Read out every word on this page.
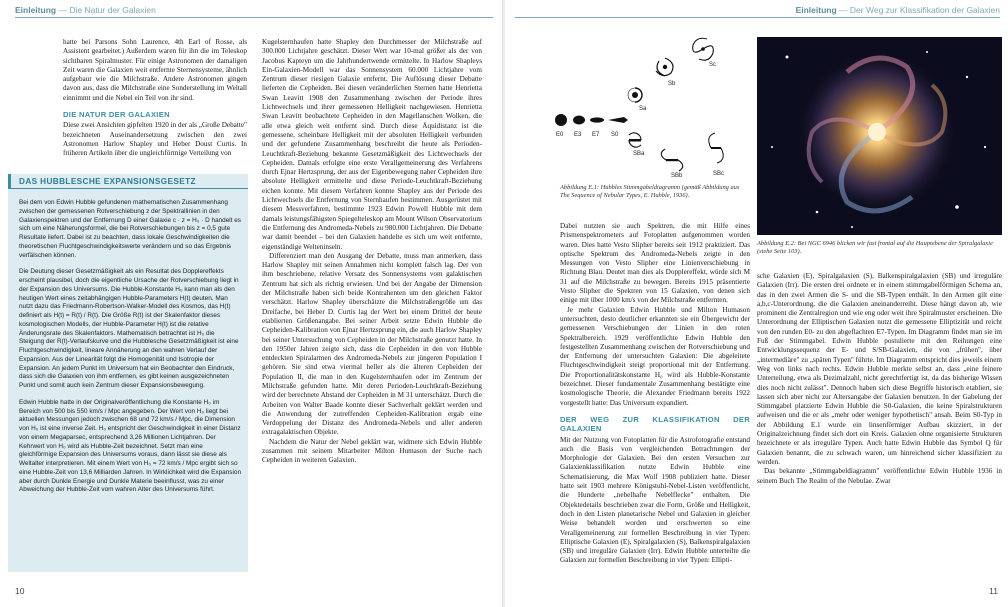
Einleitung — Die Natur der Galaxien

hatte bei Parsons Sohn Laurence, 4th Earl of Rosse, als Assistent gearbeitet.) Außerdem waren für ihn die im Teleskop sichtbaren Spiralmuster. Für einige Astronomen der damaligen Zeit waren die Galaxien weit entfernte Sternensysteme, ähnlich aufgebaut wie die Milchstraße. Andere Astronomen gingen davon aus, dass die Milchstraße eine Sonderstellung im Weltall einnimmt und die Nebel ein Teil von ihr sind.

DIE NATUR DER GALAXIEN

Diese zwei Ansichten gipfelten 1920 in der als „Große Debatte" bezeichneten Auseinandersetzung zwischen den zwei Astronomen Harlow Shapley und Heber Doust Curtis. In früheren Artikeln über die ungleichförmige Verteilung von

DAS HUBBLESCHE EXPANSIONSGESETZ

Bei dem von Edwin Hubble gefundenen mathematischen Zusammenhang zwischen der gemessenen Rotverschiebung z der Spektrallinien in den Galaxienspektren und der Entfernung D einer Galaxie c · z = H₀ · D handelt es sich um eine Näherungsformel, die bei Rotverschiebungen bis z = 0,5 gute Resultate liefert. Dabei ist zu beachten, dass lokale Geschwindigkeiten die theoretischen Fluchtgeschwindigkeitswerte verändern und so das Ergebnis verfälschen können.

Die Deutung dieser Gesetzmäßigkeit als ein Resultat des Dopplereffekts erscheint plausibel, doch die eigentliche Ursache der Rotverschiebung liegt in der Expansion des Universums. Die Hubble-Konstante H₀ kann man als den heutigen Wert eines zeitabhängigen Hubble-Parameters H(t) deuten. Man nutzt dazu das Friedmann-Robertson-Walker-Modell des Kosmos, das H(t) definiert als H(t) = R(t) / R(t). Die Größe R(t) ist der Skalenfaktor dieses kosmologischen Modells, der Hubble-Parameter H(t) ist die relative Änderungsrate des Skalenfaktors. Mathematisch betrachtet ist H₀ die Steigung der R(t)-Verlaufskurve und die Hubblesche Gesetzmäßigkeit ist eine Fluchtgeschwindigkeit, lineare Annäherung an den wahren Verlauf der Expansion. Aus der Linearität folgt die Homogenität und Isotropie der Expansion. An jedem Punkt im Universum hat ein Beobachter den Eindruck, dass sich die Galaxien von ihm entfernen, es gibt keinen ausgezeichneten Punkt und somit auch kein Zentrum dieser Expansionsbewegung.

Edwin Hubble hatte in der Originalveröffentlichung die Konstante H₀ im Bereich von 500 bis 550 km/s / Mpc angegeben. Der Wert von H₀ liegt bei aktuellen Messungen jedoch zwischen 68 und 72 km/s / Mpc, die Dimension von H₀ ist eine inverse Zeit. H₀ entspricht der Geschwindigkeit in einer Distanz von einem Megaparsec, entsprechend 3,26 Millionen Lichtjahren. Der Kehrwert von H₀ wird als Hubble-Zeit bezeichnet. Setzt man eine gleichförmige Expansion des Universums voraus, dann lässt sie diese als Weltalter interpretieren. Mit einem Wert von H₀ = 72 km/s / Mpc ergibt sich so eine Hubble-Zeit von 13,6 Milliarden Jahren. In Wirklichkeit wird die Expansion aber durch Dunkle Energie und Dunkle Materie beeinflusst, was zu einer Abweichung der Hubble-Zeit vom wahren Alter des Universums führt.

Kugelsternhaufen hatte Shapley den Durchmesser der Milchstraße auf 300.000 Lichtjahre geschätzt. Dieser Wert war 10-mal größer als der von Jacobus Kapteyn um die Jahrhundertwende ermittelte. In Harlow Shapleys Ein-Galaxien-Modell war das Sonnensystem 60.000 Lichtjahre vom Zentrum dieser riesigen Galaxie entfernt. Die Auflösung dieser Debatte lieferten die Cepheiden. Bei diesen veränderlichen Sternen hatte Henrietta Swan Leavitt 1908 den Zusammenhang zwischen der Periode ihres Lichtwechsels und ihrer gemessenen Helligkeit nachgewiesen. Henrietta Swan Leavitt beobachtete Cepheiden in den Magellanschen Wolken, die alle etwa gleich weit entfernt sind. Durch diese Äquidistanz ist die gemessene, scheinbare Helligkeit mit der absoluten Helligkeit verbunden und der gefundene Zusammenhang beschreibt die heute als Perioden-Leuchtkraft-Beziehung bekannte Gesetzmäßigkeit des Lichtwechsels der Cepheiden. Damals erfolgte eine erste Verallgemeinerung des Verfahrens durch Ejnar Hertzsprung, der aus der Eigenbewegung naher Cepheiden ihre absolute Helligkeit ermittelte und diese Periode-Leuchtkraft-Beziehung eichen konnte. Mit diesem Verfahren konnte Shapley aus der Periode des Lichtwechsels die Entfernung von Sternhaufen bestimmen. Ausgerüstet mit diesem Messverfahren, bestimmte 1923 Edwin Powell Hubble mit dem damals leistungsfähigsten Spiegelteleskop am Mount Wilson Observatorium die Entfernung des Andromeda-Nebels zu 980.000 Lichtjahren. Die Debatte war damit beendet – bei den Galaxien handelte es sich um weit entfernte, eigenständige Welteninseln.

Differenziert man den Ausgang der Debatte, muss man anmerken, dass Harlow Shapley mit seinen Annahmen nicht komplett falsch lag. Der von ihm beschriebene, relative Versatz des Sonnensystems vom galaktischen Zentrum hat sich als richtig erwiesen. Und bei der Angabe der Dimension der Milchstraße haben sich beide Kontrahenten um den gleichen Faktor verschätzt. Harlow Shapley überschätzte die Milchstraßengröße um das Dreifache, bei Heber D. Curtis lag der Wert bei einem Drittel der heute etablierten Größenangabe. Bei seiner Arbeit setzte Edwin Hubble die Cepheiden-Kalibration von Ejnar Hertzsprung ein, die auch Harlow Shapley bei seiner Untersuchung von Cepheiden in der Milchstraße genutzt hatte. In den 1950er Jahren zeigte sich, dass die Cepheiden in den von Hubble entdeckten Spiralarmen des Andromeda-Nebels zur jüngeren Population I gehören. Sie sind etwa viermal heller als die älteren Cepheiden der Population II, die man in den Kugelsternhaufen oder im Zentrum der Milchstraße gefunden hatte. Mit deren Perioden-Leuchtkraft-Beziehung wird der berechnete Abstand der Cepheiden in M 31 unterschätzt. Durch die Arbeiten von Walter Baade konnte dieser Sachverhalt geklärt werden und die Anwendung der zutreffenden Cepheiden-Kalibration ergab eine Verdoppelung der Distanz des Andromeda-Nebels und aller anderen extragalaktischen Objekte.

Nachdem die Natur der Nebel geklärt war, widmete sich Edwin Hubble zusammen mit seinem Mitarbeiter Milton Humason der Suche nach Cepheiden in weiteren Galaxien.

10
Einleitung — Der Weg zur Klassifikation der Galaxien
E0 E3 E7 S0
Sa
Sb
Sc
SBa
SBb	SBc
Abbildung E.1: Hubbles Stimmgabeldiagramm (gemäß Abbildung aus The Sequence of Nebular Types, E. Hubble, 1936).
Abbildung E.2: Bei NGC 6946 blicken wir fast frontal auf die Hauptebene der Spiralgalaxie (siehe Seite 103).

Dabei nutzten sie auch Spektren, die mit Hilfe eines Prismenspektrometers auf Fotoplatten aufgenommen worden waren. Dies hatte Vesto Slipher bereits seit 1912 praktiziert. Das optische Spektrum des Andromeda-Nebels zeigte in den Messungen von Vesto Slipher eine Linienverschiebung in Richtung Blau. Deutet man dies als Dopplereffekt, würde sich M 31 auf die Milchstraße zu bewegen. Bereits 1915 präsentierte Vesto Slipher die Spektren von 15 Galaxien, von denen sich einige mit über 1000 km/s von der Milchstraße entfernten.

Je mehr Galaxien Edwin Hubble und Milton Humason untersuchten, desto deutlicher erkannten sie ein Übergewicht der gemessenen Verschiebungen der Linien in den roten Spektralbereich. 1929 veröffentlichte Edwin Hubble den festgestellten Zusammenhang zwischen der Rotverschiebung und der Entfernung der untersuchten Galaxien: Die abgeleitete Fluchtgeschwindigkeit steigt proportional mit der Entfernung. Die Proportionalitätskonstante H₀ wird als Hubble-Konstante bezeichnet. Dieser fundamentale Zusammenhang bestätigte eine kosmologische Theorie, die Alexander Friedmann bereits 1922 vorgestellt hatte: Das Universum expandiert.

DER WEG ZUR KLASSIFIKATION DER GALAXIEN

Mit der Nutzung von Fotoplatten für die Astrofotografie entstand auch die Basis von vergleichenden Betrachtungen der Morphologie der Galaxien. Bei den ersten Versuchen zur Galaxienklassifikation nutzte Edwin Hubble eine Schematisierung, die Max Wolf 1908 publiziert hatte. Dieser hatte seit 1903 mehrere Königstuhl-Nebel-Listen veröffentlicht, die Hunderte „nebelhafte Nebelflecke" enthalten. Die Objektedetails beschrieben zwar die Form, Größe und Helligkeit, doch in den Listen planetarische Nebel und Galaxien in gleicher Weise behandelt worden und erschwerten so eine Verallgemeinerung zur formellen Beschreibung in vier Typen: Elliptische Galaxien (E), Spiralgalaxien (S), Balkenspiralgalaxien (SB) und irreguläre Galaxien (Irr). Edwin Hubble unterteilte die Galaxien zur formellen Beschreibung in vier Typen: Ellipti-

sche Galaxien (E), Spiralgalaxien (S), Balkenspiralgalaxien (SB) und irreguläre Galaxien (Irr). Die ersten drei ordnete er in einem stimmgabelförmigen Schema an, das in den zwei Armen die S- und die SB-Typen enthält. In den Armen gilt eine a,b,c-Unterordnung, die die Galaxien aneinanderreiht. Diese hängt davon ab, wie prominent die Zentralregion und wie eng oder weit ihre Spiralmuster erscheinen. Die Unterordnung der Elliptischen Galaxien nutzt die gemessene Elliptizität und reicht von den runden E0- zu den abgeflachten E7-Typen. Im Diagramm findet man sie im Fuß der Stimmgabel. Edwin Hubble postulierte mit den Reihungen eine Entwicklungssequenz der E- und S/SB-Galaxien, die von „frühen", über „intermediäre" zu „späten Typen" führte. Im Diagramm entspricht dies jeweils einem Weg von links nach rechts. Edwin Hubble merkte selbst an, dass „eine feinere Unterteilung, etwa als Dezimalzahl, nicht gerechtfertigt ist, da das bisherige Wissen dies noch nicht zulässt". Dennoch haben sich diese Begriffe historisch etabliert, sie lassen sich aber nicht zur Altersangabe der Galaxien benutzen. In der Gabelung der Stimmgabel platzierte Edwin Hubble die S0-Galaxien, die keine Spiralstrukturen aufweisen und die er als „mehr oder weniger hypothetisch" ansah. Beim S0-Typ in der Abbildung E.1 wurde ein linsenförmiger Aufbau skizziert, in der Originalzeichnung findet sich dort ein Kreis. Galaxien ohne organisierte Strukturen bezeichnete er als irreguläre Typen. Auch hatte Edwin Hubble das Symbol Q für Galaxien benannt, die zu schwach waren, um hinreichend sicher klassifiziert zu werden.

Das bekannte „Stimmgabeldiagramm" veröffentlichte Edwin Hubble 1936 in seinem Buch The Realm of the Nebulae. Zwar

11
